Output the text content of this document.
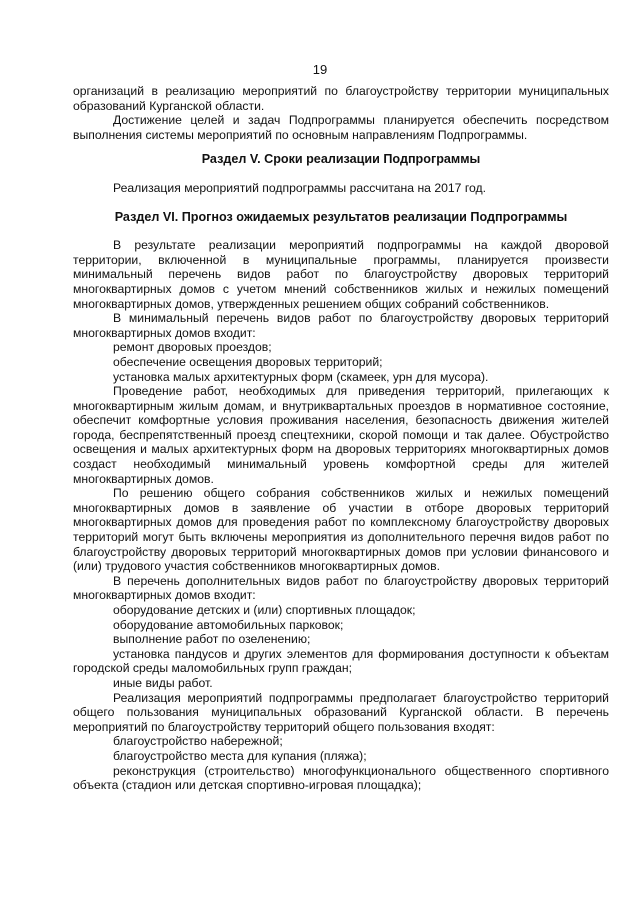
19

организаций в реализацию мероприятий по благоустройству территории муниципальных образований Курганской области.

Достижение целей и задач Подпрограммы планируется обеспечить посредством выполнения системы мероприятий по основным направлениям Подпрограммы.

Раздел V. Сроки реализации Подпрограммы

Реализация мероприятий подпрограммы рассчитана на 2017 год.

Раздел VI. Прогноз ожидаемых результатов реализации Подпрограммы

В результате реализации мероприятий подпрограммы на каждой дворовой территории, включенной в муниципальные программы, планируется произвести минимальный перечень видов работ по благоустройству дворовых территорий многоквартирных домов с учетом мнений собственников жилых и нежилых помещений многоквартирных домов, утвержденных решением общих собраний собственников.

В минимальный перечень видов работ по благоустройству дворовых территорий многоквартирных домов входит:

ремонт дворовых проездов;

обеспечение освещения дворовых территорий;

установка малых архитектурных форм (скамеек, урн для мусора).

Проведение работ, необходимых для приведения территорий, прилегающих к многоквартирным жилым домам, и внутриквартальных проездов в нормативное состояние, обеспечит комфортные условия проживания населения, безопасность движения жителей города, беспрепятственный проезд спецтехники, скорой помощи и так далее. Обустройство освещения и малых архитектурных форм на дворовых территориях многоквартирных домов создаст необходимый минимальный уровень комфортной среды для жителей многоквартирных домов.

По решению общего собрания собственников жилых и нежилых помещений многоквартирных домов в заявление об участии в отборе дворовых территорий многоквартирных домов для проведения работ по комплексному благоустройству дворовых территорий могут быть включены мероприятия из дополнительного перечня видов работ по благоустройству дворовых территорий многоквартирных домов при условии финансового и (или) трудового участия собственников многоквартирных домов.

В перечень дополнительных видов работ по благоустройству дворовых территорий многоквартирных домов входит:

оборудование детских и (или) спортивных площадок;

оборудование автомобильных парковок;

выполнение работ по озеленению;

установка пандусов и других элементов для формирования доступности к объектам городской среды маломобильных групп граждан;

иные виды работ.

Реализация мероприятий подпрограммы предполагает благоустройство территорий общего пользования муниципальных образований Курганской области. В перечень мероприятий по благоустройству территорий общего пользования входят:

благоустройство набережной;

благоустройство места для купания (пляжа);

реконструкция (строительство) многофункционального общественного спортивного объекта (стадион или детская спортивно-игровая площадка);
